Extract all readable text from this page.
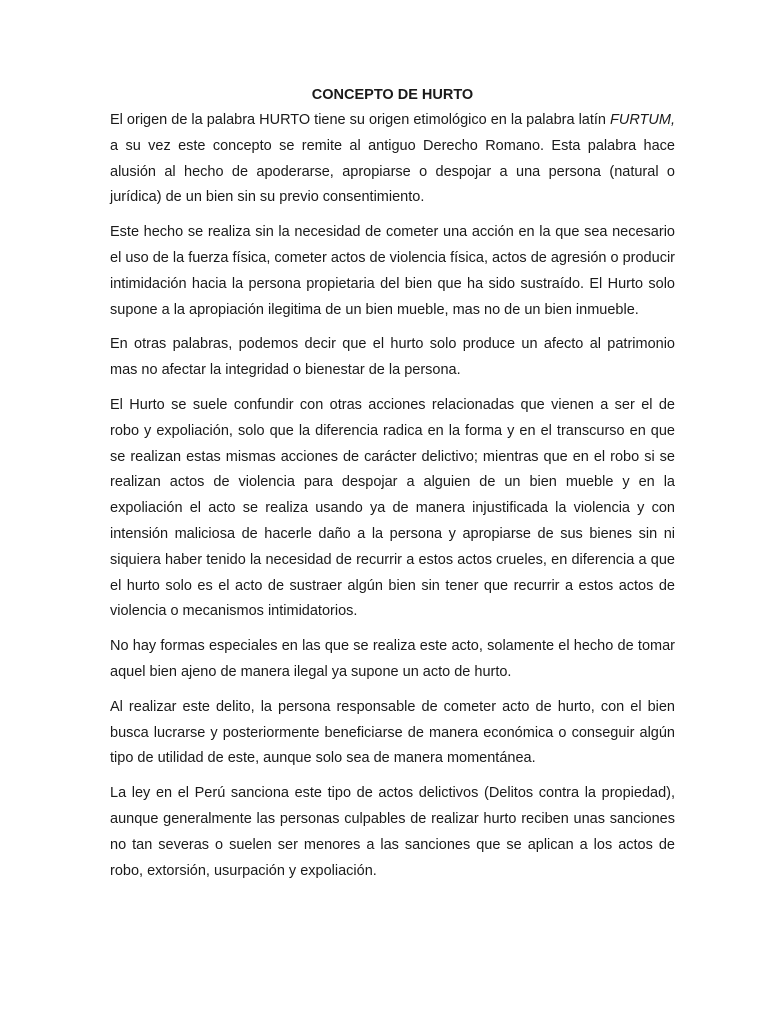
CONCEPTO DE HURTO

El origen de la palabra HURTO tiene su origen etimológico en la palabra latín FURTUM, a su vez este concepto se remite al antiguo Derecho Romano. Esta palabra hace alusión al hecho de apoderarse, apropiarse o despojar a una persona (natural o jurídica) de un bien sin su previo consentimiento.

Este hecho se realiza sin la necesidad de cometer una acción en la que sea necesario el uso de la fuerza física, cometer actos de violencia física, actos de agresión o producir intimidación hacia la persona propietaria del bien que ha sido sustraído. El Hurto solo supone a la apropiación ilegitima de un bien mueble, mas no de un bien inmueble.

En otras palabras, podemos decir que el hurto solo produce un afecto al patrimonio mas no afectar la integridad o bienestar de la persona.

El Hurto se suele confundir con otras acciones relacionadas que vienen a ser el de robo y expoliación, solo que la diferencia radica en la forma y en el transcurso en que se realizan estas mismas acciones de carácter delictivo; mientras que en el robo si se realizan actos de violencia para despojar a alguien de un bien mueble y en la expoliación el acto se realiza usando ya de manera injustificada la violencia y con intensión maliciosa de hacerle daño a la persona y apropiarse de sus bienes sin ni siquiera haber tenido la necesidad de recurrir a estos actos crueles, en diferencia a que el hurto solo es el acto de sustraer algún bien sin tener que recurrir a estos actos de violencia o mecanismos intimidatorios.

No hay formas especiales en las que se realiza este acto, solamente el hecho de tomar aquel bien ajeno de manera ilegal ya supone un acto de hurto.

Al realizar este delito, la persona responsable de cometer acto de hurto, con el bien busca lucrarse y posteriormente beneficiarse de manera económica o conseguir algún tipo de utilidad de este, aunque solo sea de manera momentánea.

La ley en el Perú sanciona este tipo de actos delictivos (Delitos contra la propiedad), aunque generalmente las personas culpables de realizar hurto reciben unas sanciones no tan severas o suelen ser menores a las sanciones que se aplican a los actos de robo, extorsión, usurpación y expoliación.
